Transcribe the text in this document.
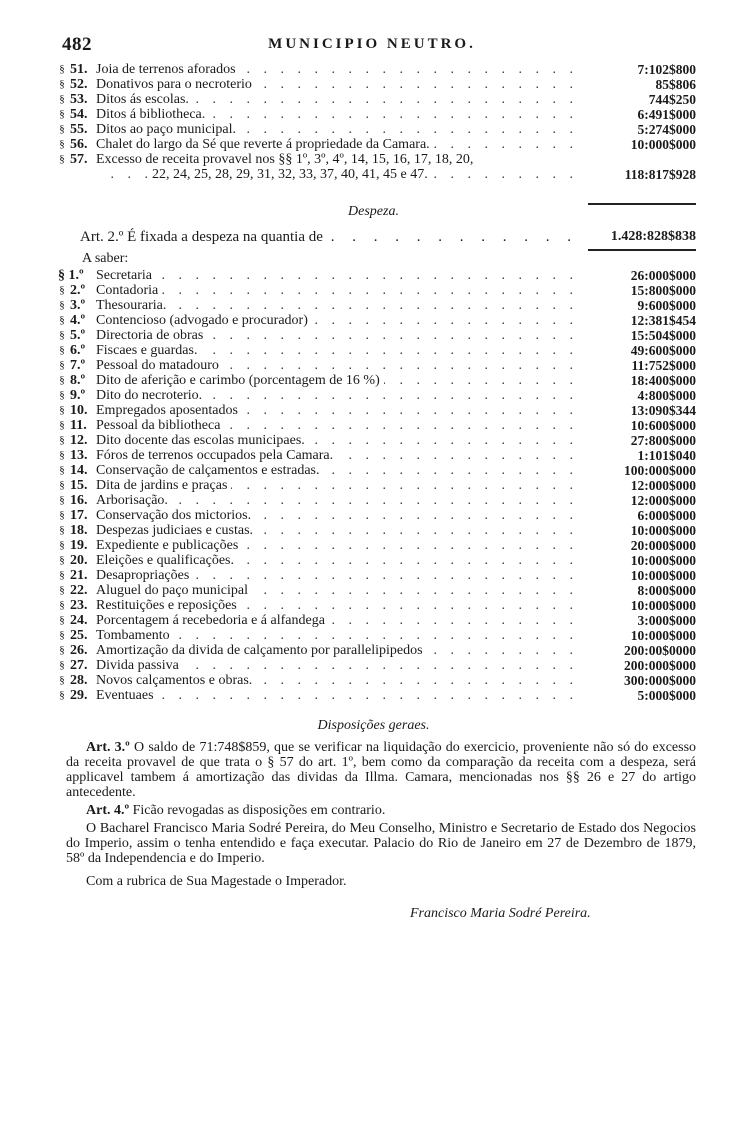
482	MUNICIPIO NEUTRO.
§ 51. . . . Joia de terrenos aforados	7:102$800
§ 52. . . . Donativos para o necroterio	85$806
§ 53. . . . Ditos ás escolas.	744$250
§ 54. . . . Ditos á bibliotheca.	6:491$000
§ 55. . . . Ditos ao paço municipal.	5:274$000
§ 56. . . . Chalet do largo da Sé que reverte á propriedade da Camara.	10:000$000
§ 57. Excesso de receita provavel nos §§ 1º, 3º, 4º, 14, 15, 16, 17, 18, 20,
. . .
22, 24, 25, 28, 29, 31, 32, 33, 37, 40, 41, 45 e 47.	118:817$928
Despeza.
. . .
Art. 2.º É fixada a despeza na quantia de	1.428:828$838
A saber:
§ 1.º . . . Secretaria	26:000$000
§ 2.º . . . Contadoria	15:800$000
§ 3.º . . . Thesouraria.	9:600$000
§ 4.º . . . Contencioso (advogado e procurador)	12:381$454
§ 5.º . . . Directoria de obras	15:504$000
§ 6.º . . . Fiscaes e guardas.	49:600$000
§ 7.º . . . Pessoal do matadouro	11:752$000
§ 8.º . . . Dito de aferição e carimbo (porcentagem de 16 %)	18:400$000
§ 9.º . . . Dito do necroterio.	4:800$000
§ 10. . . . Empregados aposentados	13:090$344
§ 11. . . . Pessoal da bibliotheca	10:600$000
§ 12. . . . Dito docente das escolas municipaes.	27:800$000
§ 13. . . . Fóros de terrenos occupados pela Camara.	1:101$040
§ 14. . . . Conservação de calçamentos e estradas.	100:000$000
§ 15. . . . Dita de jardins e praças	12:000$000
§ 16. . . . Arborisação.	12:000$000
§ 17. . . . Conservação dos mictorios.	6:000$000
§ 18. . . . Despezas judiciaes e custas.	10:000$000
§ 19. . . . Expediente e publicações	20:000$000
§ 20. . . . Eleições e qualificações.	10:000$000
§ 21. . . . Desapropriações	10:000$000
§ 22. . . . Aluguel do paço municipal	8:000$000
§ 23. . . . Restituições e reposições	10:000$000
§ 24. . . . Porcentagem á recebedoria e á alfandega	3:000$000
§ 25. . . . Tombamento	10:000$000
§ 26. . . . Amortização da divida de calçamento por parallelipipedos	200:00$0000
§ 27. . . . Divida passiva	200:000$000
§ 28. . . . Novos calçamentos e obras.	300:000$000
§ 29. . . . Eventuaes	5:000$000
Disposições geraes.
Art. 3.º O saldo de 71:748$859, que se verificar na liquidação do exercicio, proveniente não só do excesso da receita provavel de que trata o § 57 do art. 1º, bem como da comparação da receita com a despeza, será applicavel tambem á amortização das dividas da Illma. Camara, mencionadas nos §§ 26 e 27 do artigo antecedente.
Art. 4.º Ficão revogadas as disposições em contrario.
O Bacharel Francisco Maria Sodré Pereira, do Meu Conselho, Ministro e Secretario de Estado dos Negocios do Imperio, assim o tenha entendido e faça executar. Palacio do Rio de Janeiro em 27 de Dezembro de 1879, 58º da Independencia e do Imperio.
Com a rubrica de Sua Magestade o Imperador.
Francisco Maria Sodré Pereira.
